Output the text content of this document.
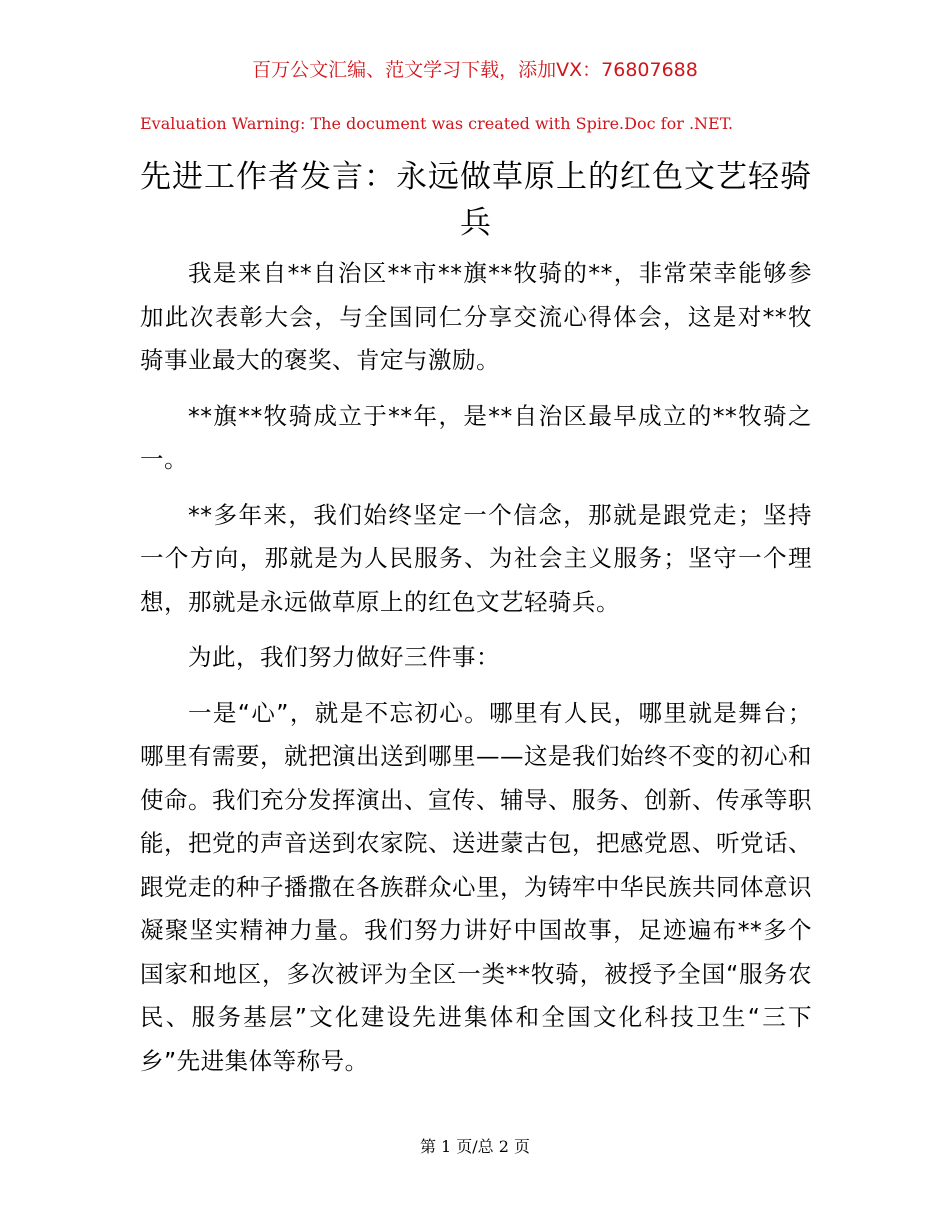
百万公文汇编、范文学习下载，添加VX：76807688
Evaluation Warning: The document was created with Spire.Doc for .NET.
先进工作者发言：永远做草原上的红色文艺轻骑兵

我是来自**自治区**市**旗**牧骑的**，非常荣幸能够参加此次表彰大会，与全国同仁分享交流心得体会，这是对**牧骑事业最大的褒奖、肯定与激励。

**旗**牧骑成立于**年，是**自治区最早成立的**牧骑之一。

**多年来，我们始终坚定一个信念，那就是跟党走；坚持一个方向，那就是为人民服务、为社会主义服务；坚守一个理想，那就是永远做草原上的红色文艺轻骑兵。

为此，我们努力做好三件事：

一是“心”，就是不忘初心。哪里有人民，哪里就是舞台；哪里有需要，就把演出送到哪里——这是我们始终不变的初心和使命。我们充分发挥演出、宣传、辅导、服务、创新、传承等职能，把党的声音送到农家院、送进蒙古包，把感党恩、听党话、跟党走的种子播撒在各族群众心里，为铸牢中华民族共同体意识凝聚坚实精神力量。我们努力讲好中国故事，足迹遍布**多个国家和地区，多次被评为全区一类**牧骑，被授予全国“服务农民、服务基层”文化建设先进集体和全国文化科技卫生“三下乡”先进集体等称号。

第 1 页/总 2 页
